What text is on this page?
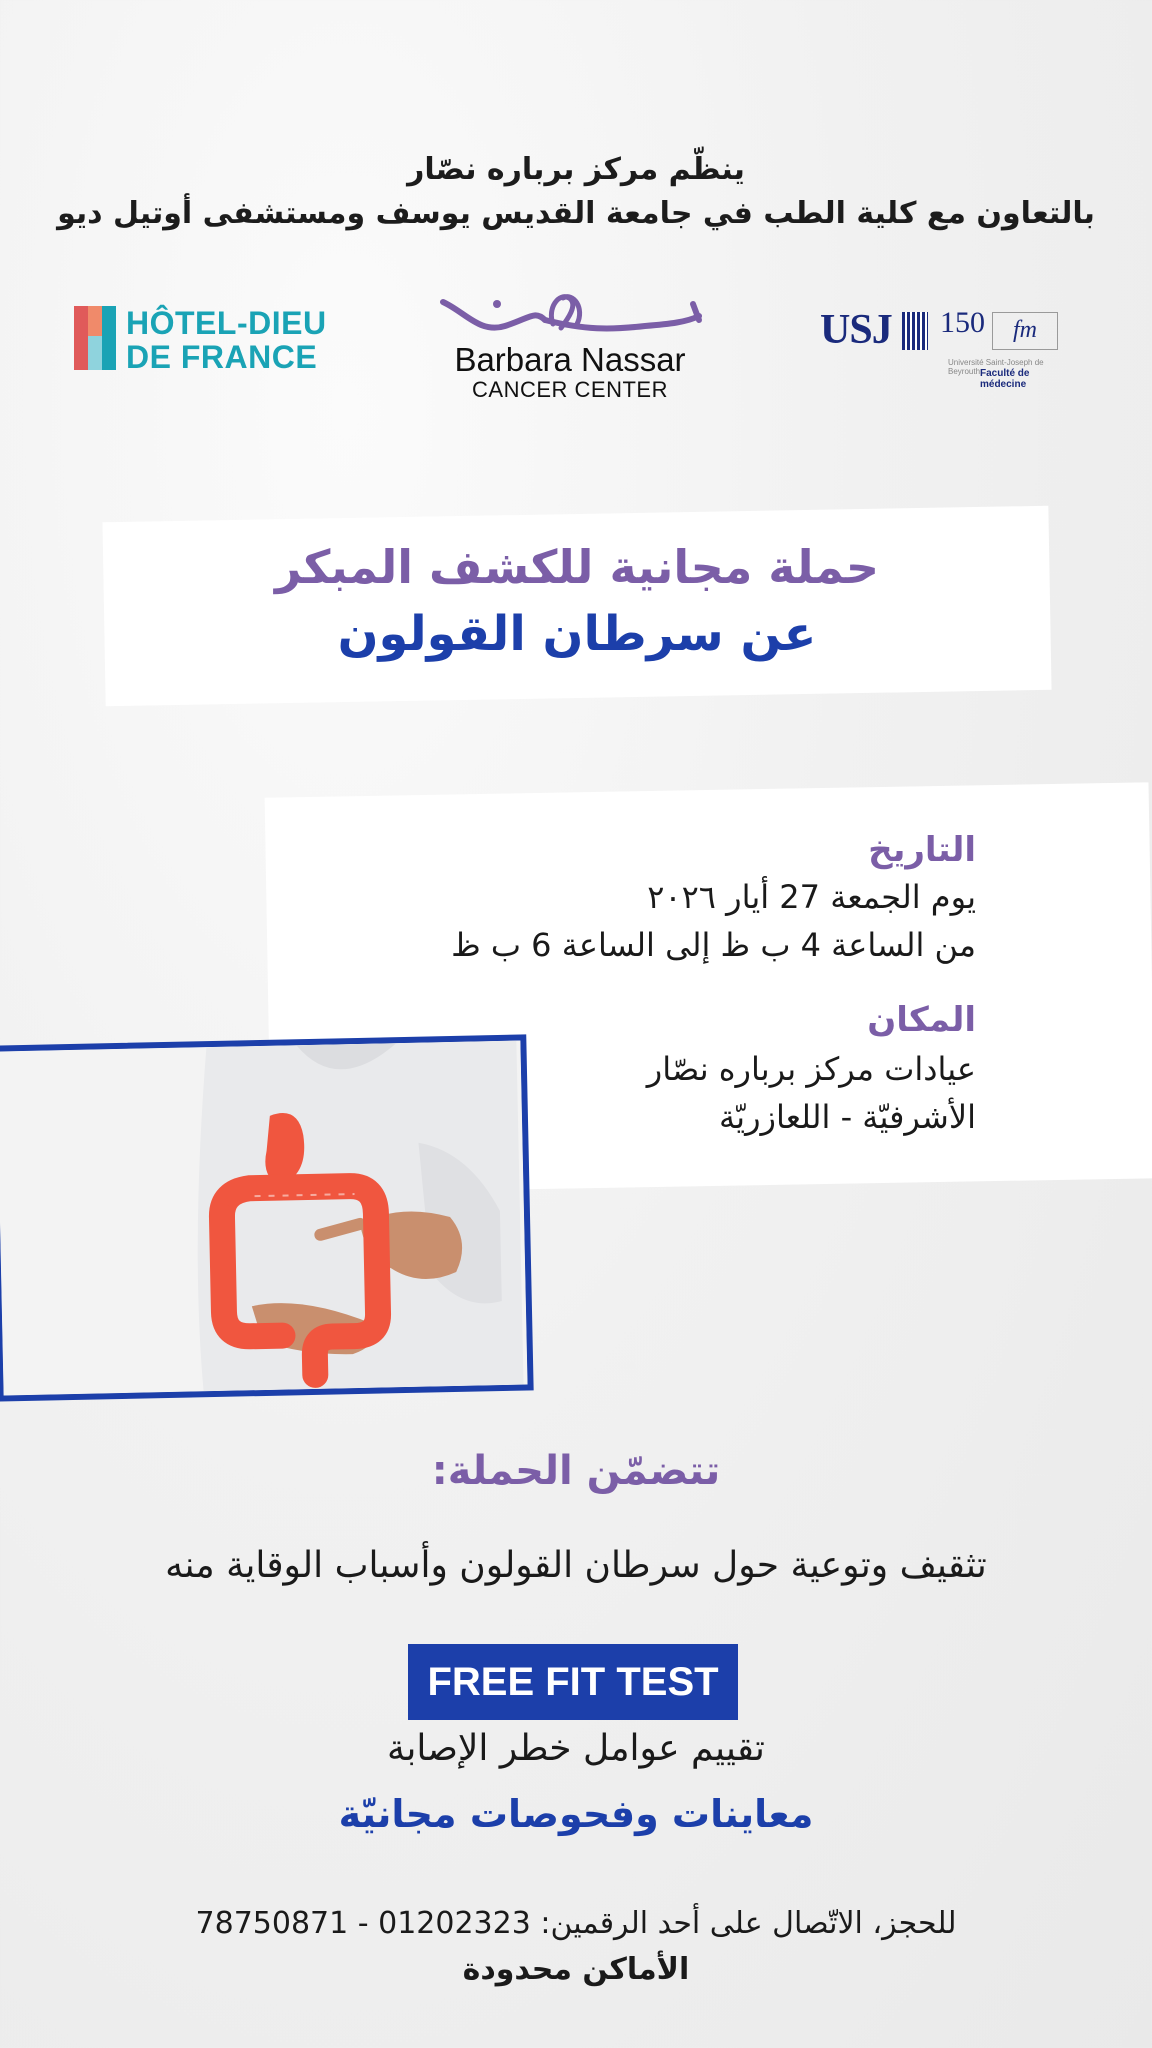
ينظّم مركز برباره نصّار
بالتعاون مع كلية الطب في جامعة القديس يوسف ومستشفى أوتيل ديو
HÔTEL-DIEU
DE FRANCE	Barbara Nassar
CANCER CENTER
USJ 150	fm
Université Saint-Joseph de Beyrouth Faculté de médecine
حملة مجانية للكشف المبكر
عن سرطان القولون
التاريخ
يوم الجمعة 27 أيار ٢٠٢٦
من الساعة 4 ب ظ إلى الساعة 6 ب ظ
المكان
عيادات مركز برباره نصّار
الأشرفيّة - اللعازريّة
تتضمّن الحملة:
تثقيف وتوعية حول سرطان القولون وأسباب الوقاية منه
FREE FIT TEST
تقييم عوامل خطر الإصابة
معاينات وفحوصات مجانيّة
للحجز، الاتّصال على أحد الرقمين: 01202323 - 78750871
الأماكن محدودة
